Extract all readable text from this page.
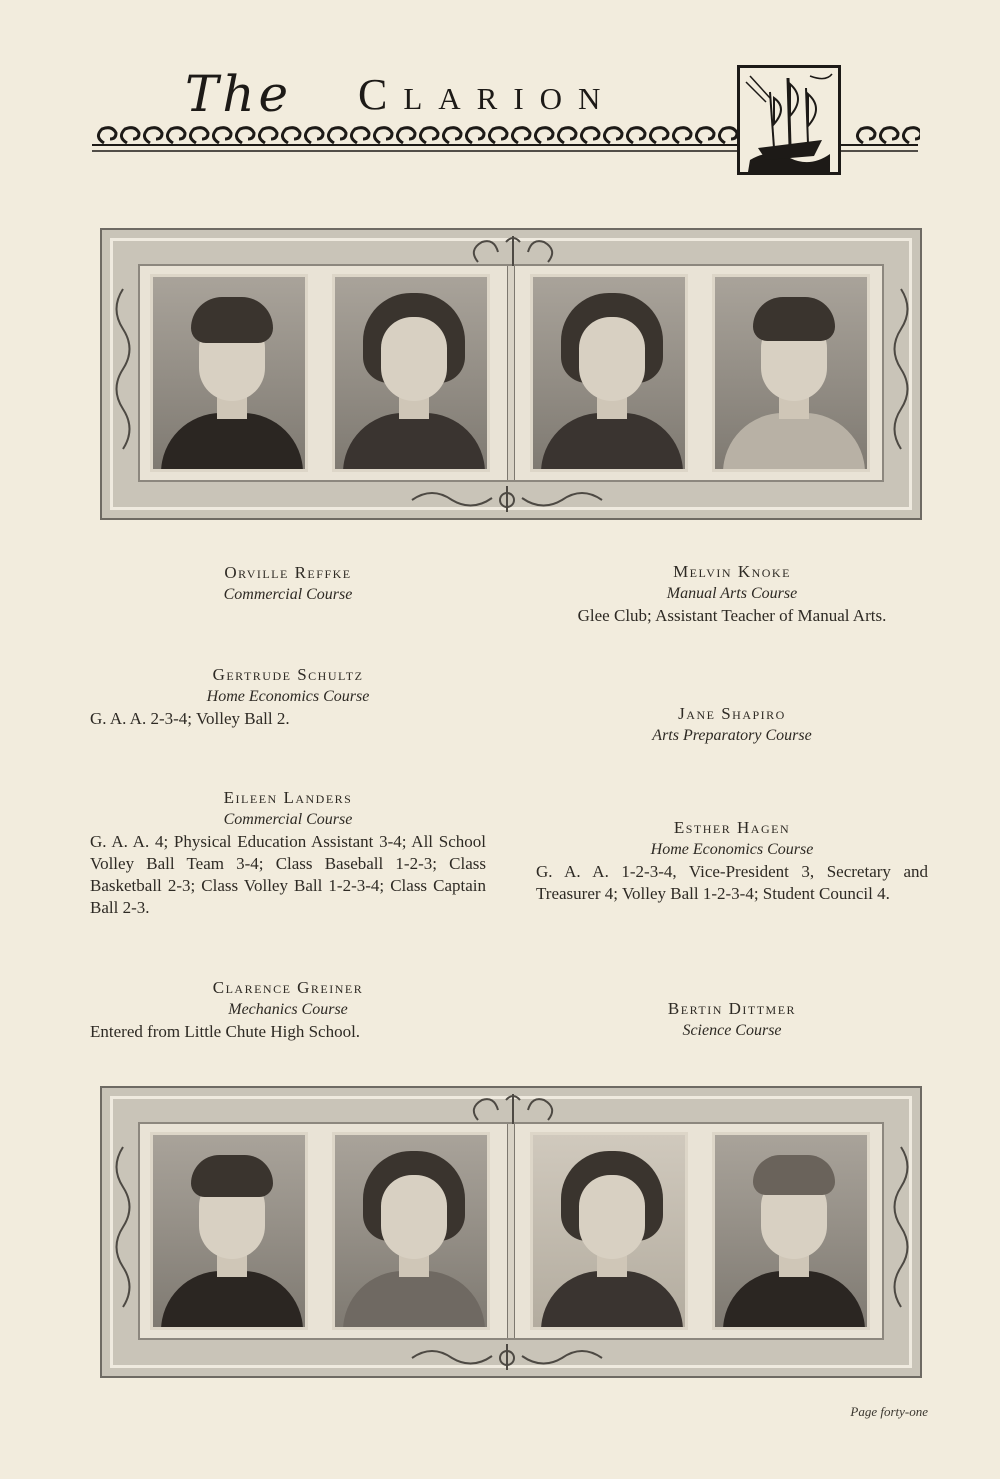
The Clarion
Orville Reffke
Commercial Course
Gertrude Schultz
Home Economics Course
G. A. A. 2-3-4; Volley Ball 2.
Eileen Landers
Commercial Course
G. A. A. 4; Physical Education Assistant 3-4; All School Volley Ball Team 3-4; Class Baseball 1-2-3; Class Basketball 2-3; Class Volley Ball 1-2-3-4; Class Captain Ball 2-3.
Clarence Greiner
Mechanics Course
Entered from Little Chute High School.
Melvin Knoke
Manual Arts Course
Glee Club; Assistant Teacher of Manual Arts.
Jane Shapiro
Arts Preparatory Course
Esther Hagen
Home Economics Course
G. A. A. 1-2-3-4, Vice-President 3, Secretary and Treasurer 4; Volley Ball 1-2-3-4; Student Council 4.
Bertin Dittmer
Science Course
Page forty-one
